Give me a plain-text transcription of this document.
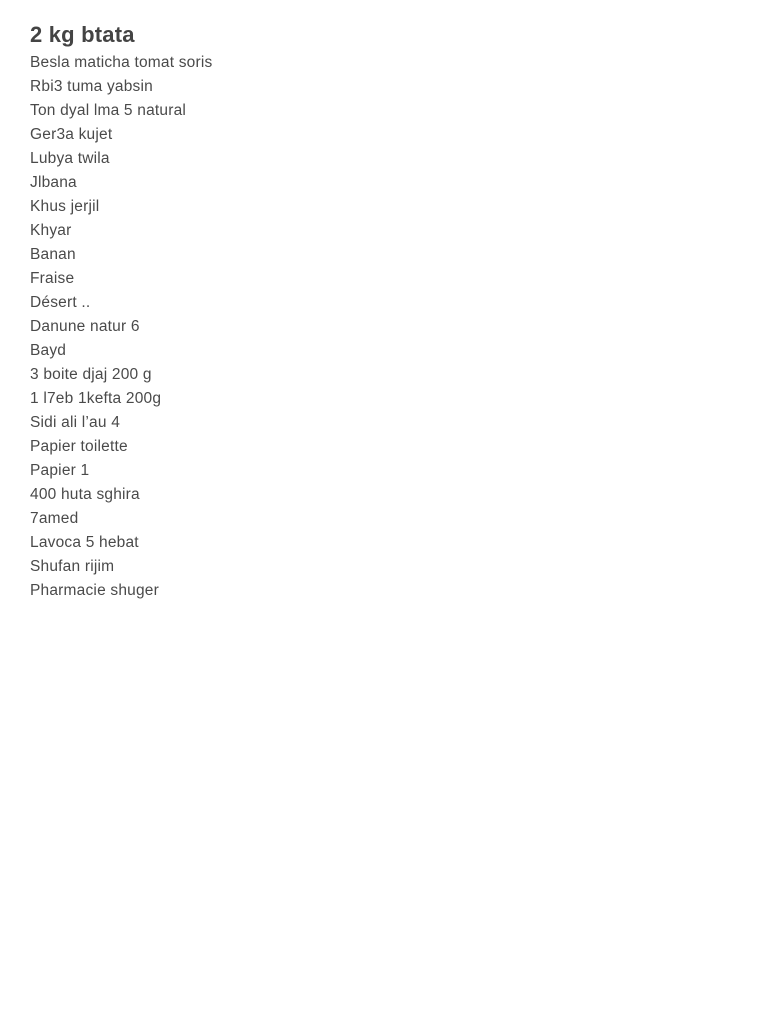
2 kg btata
Besla maticha tomat soris
Rbi3 tuma yabsin
Ton dyal lma 5 natural
Ger3a kujet
Lubya twila
Jlbana
Khus jerjil
Khyar
Banan
Fraise
Désert ..
Danune natur 6
Bayd
3 boite djaj 200 g
1 l7eb 1kefta 200g
Sidi ali l’au 4
Papier toilette
Papier 1
400 huta sghira
7amed
Lavoca 5 hebat
Shufan rijim
Pharmacie shuger
